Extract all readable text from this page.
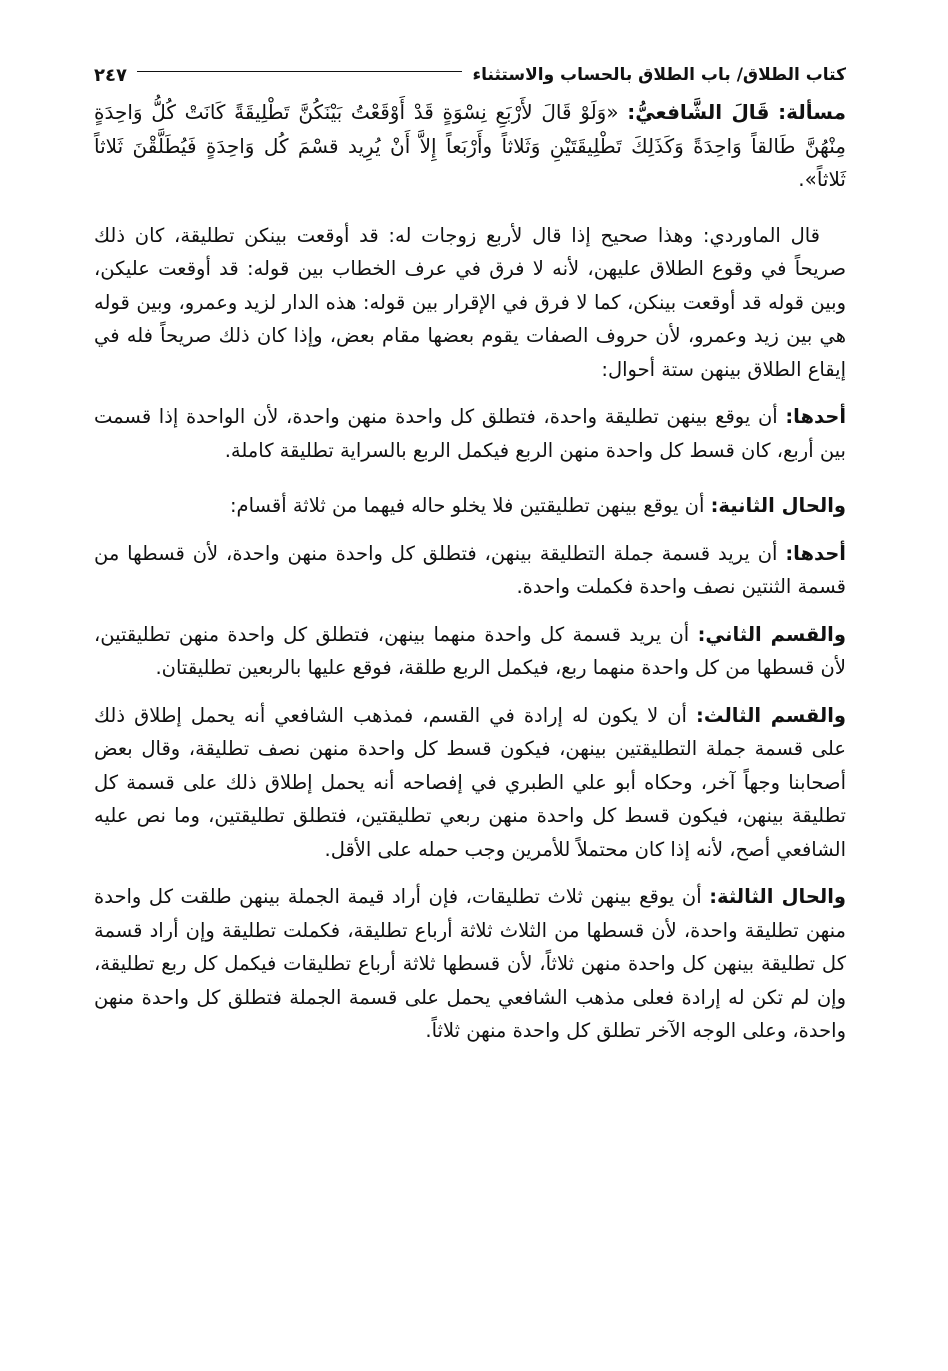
كتاب الطلاق/ باب الطلاق بالحساب والاستثناء
٢٤٧

مسألة: قَالَ الشَّافعيُّ: «وَلَوْ قَالَ لأَرْبَعِ نِسْوَةٍ قَدْ أَوْقَعْتُ بَيْنَكُنَّ تَطْلِيقَةً كَانَتْ كُلُّ وَاحِدَةٍ مِنْهُنَّ طَالقاً وَاحِدَةً وَكَذَلِكَ تَطْلِيقَتَيْنِ وَثَلاثاً وأَرْبَعاً إِلاَّ أَنْ يُرِيد قسْمَ كُل وَاحِدَةٍ فَيُطَلَّقْنَ ثَلاثاً ثَلاثاً».

قال الماوردي: وهذا صحيح إذا قال لأربع زوجات له: قد أوقعت بينكن تطليقة، كان ذلك صريحاً في وقوع الطلاق عليهن، لأنه لا فرق في عرف الخطاب بين قوله: قد أوقعت عليكن، وبين قوله قد أوقعت بينكن، كما لا فرق في الإقرار بين قوله: هذه الدار لزيد وعمرو، وبين قوله هي بين زيد وعمرو، لأن حروف الصفات يقوم بعضها مقام بعض، وإذا كان ذلك صريحاً فله في إيقاع الطلاق بينهن ستة أحوال:

أحدها: أن يوقع بينهن تطليقة واحدة، فتطلق كل واحدة منهن واحدة، لأن الواحدة إذا قسمت بين أربع، كان قسط كل واحدة منهن الربع فيكمل الربع بالسراية تطليقة كاملة.

والحال الثانية: أن يوقع بينهن تطليقتين فلا يخلو حاله فيهما من ثلاثة أقسام:

أحدها: أن يريد قسمة جملة التطليقة بينهن، فتطلق كل واحدة منهن واحدة، لأن قسطها من قسمة الثنتين نصف واحدة فكملت واحدة.

والقسم الثاني: أن يريد قسمة كل واحدة منهما بينهن، فتطلق كل واحدة منهن تطليقتين، لأن قسطها من كل واحدة منهما ربع، فيكمل الربع طلقة، فوقع عليها بالربعين تطليقتان.

والقسم الثالث: أن لا يكون له إرادة في القسم، فمذهب الشافعي أنه يحمل إطلاق ذلك على قسمة جملة التطليقتين بينهن، فيكون قسط كل واحدة منهن نصف تطليقة، وقال بعض أصحابنا وجهاً آخر، وحكاه أبو علي الطبري في إفصاحه أنه يحمل إطلاق ذلك على قسمة كل تطليقة بينهن، فيكون قسط كل واحدة منهن ربعي تطليقتين، فتطلق تطليقتين، وما نص عليه الشافعي أصح، لأنه إذا كان محتملاً للأمرين وجب حمله على الأقل.

والحال الثالثة: أن يوقع بينهن ثلاث تطليقات، فإن أراد قيمة الجملة بينهن طلقت كل واحدة منهن تطليقة واحدة، لأن قسطها من الثلاث ثلاثة أرباع تطليقة، فكملت تطليقة وإن أراد قسمة كل تطليقة بينهن كل واحدة منهن ثلاثاً، لأن قسطها ثلاثة أرباع تطليقات فيكمل كل ربع تطليقة، وإن لم تكن له إرادة فعلى مذهب الشافعي يحمل على قسمة الجملة فتطلق كل واحدة منهن واحدة، وعلى الوجه الآخر تطلق كل واحدة منهن ثلاثاً.
